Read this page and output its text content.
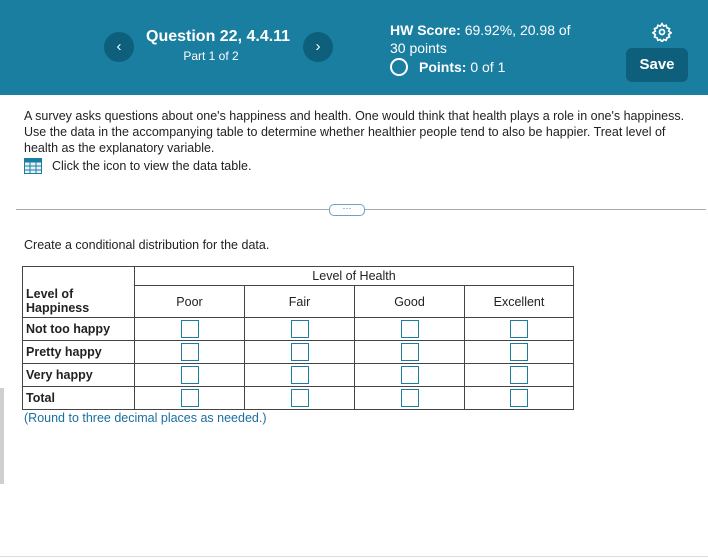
‹
Question 22, 4.4.11
Part 1 of 2
›
HW Score: 69.92%, 20.98 of
30 points
Points:
0 of 1	Save
A survey asks questions about one's happiness and health. One would think that health plays a role in one's happiness. Use the data in the accompanying table to determine whether healthier people tend to also be happier. Treat level of health as the explanatory variable.
Click the icon to view the data table.
···
Create a conditional distribution for the data.
	Level of Health			
Level of Happiness	Poor	Fair	Good	Excellent
Not too happy	

Pretty happy	

Very happy	

Total	

(Round to three decimal places as needed.)
